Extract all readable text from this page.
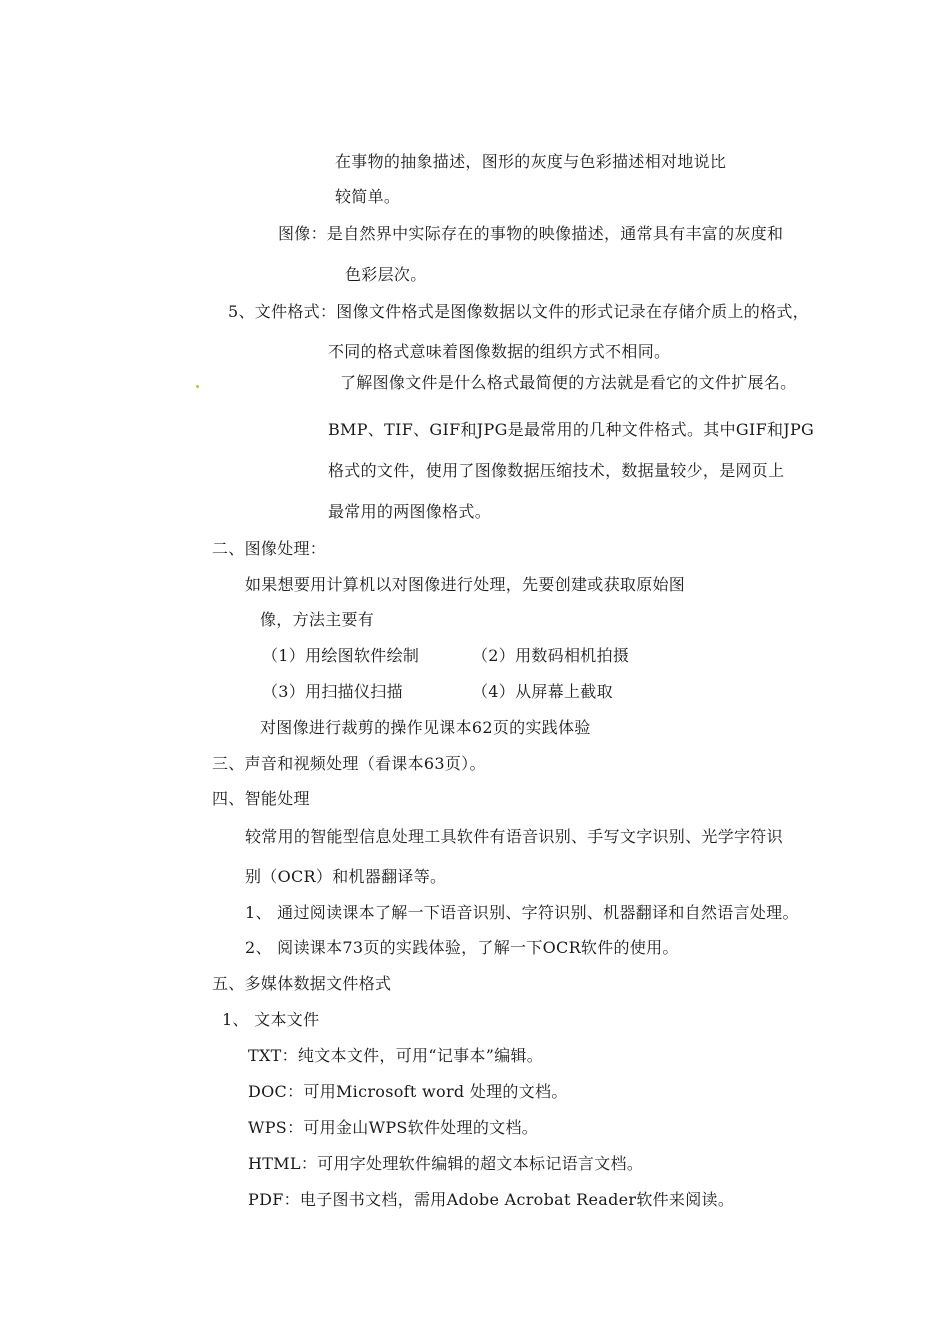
在事物的抽象描述，图形的灰度与色彩描述相对地说比
较简单。
图像：是自然界中实际存在的事物的映像描述，通常具有丰富的灰度和
色彩层次。
5、文件格式：图像文件格式是图像数据以文件的形式记录在存储介质上的格式，
不同的格式意味着图像数据的组织方式不相同。
了解图像文件是什么格式最简便的方法就是看它的文件扩展名。
BMP、TIF、GIF和JPG是最常用的几种文件格式。其中GIF和JPG
格式的文件，使用了图像数据压缩技术，数据量较少，是网页上
最常用的两图像格式。
二、图像处理：
如果想要用计算机以对图像进行处理，先要创建或获取原始图
像，方法主要有
（1）用绘图软件绘制	（2）用数码相机拍摄
（3）用扫描仪扫描	（4）从屏幕上截取
对图像进行裁剪的操作见课本62页的实践体验
三、声音和视频处理（看课本63页）。
四、智能处理
较常用的智能型信息处理工具软件有语音识别、手写文字识别、光学字符识
别（OCR）和机器翻译等。
1、 通过阅读课本了解一下语音识别、字符识别、机器翻译和自然语言处理。
2、 阅读课本73页的实践体验，了解一下OCR软件的使用。
五、多媒体数据文件格式
1、 文本文件
TXT：纯文本文件，可用“记事本”编辑。
DOC：可用Microsoft word 处理的文档。
WPS：可用金山WPS软件处理的文档。
HTML：可用字处理软件编辑的超文本标记语言文档。
PDF：电子图书文档，需用Adobe Acrobat Reader软件来阅读。
